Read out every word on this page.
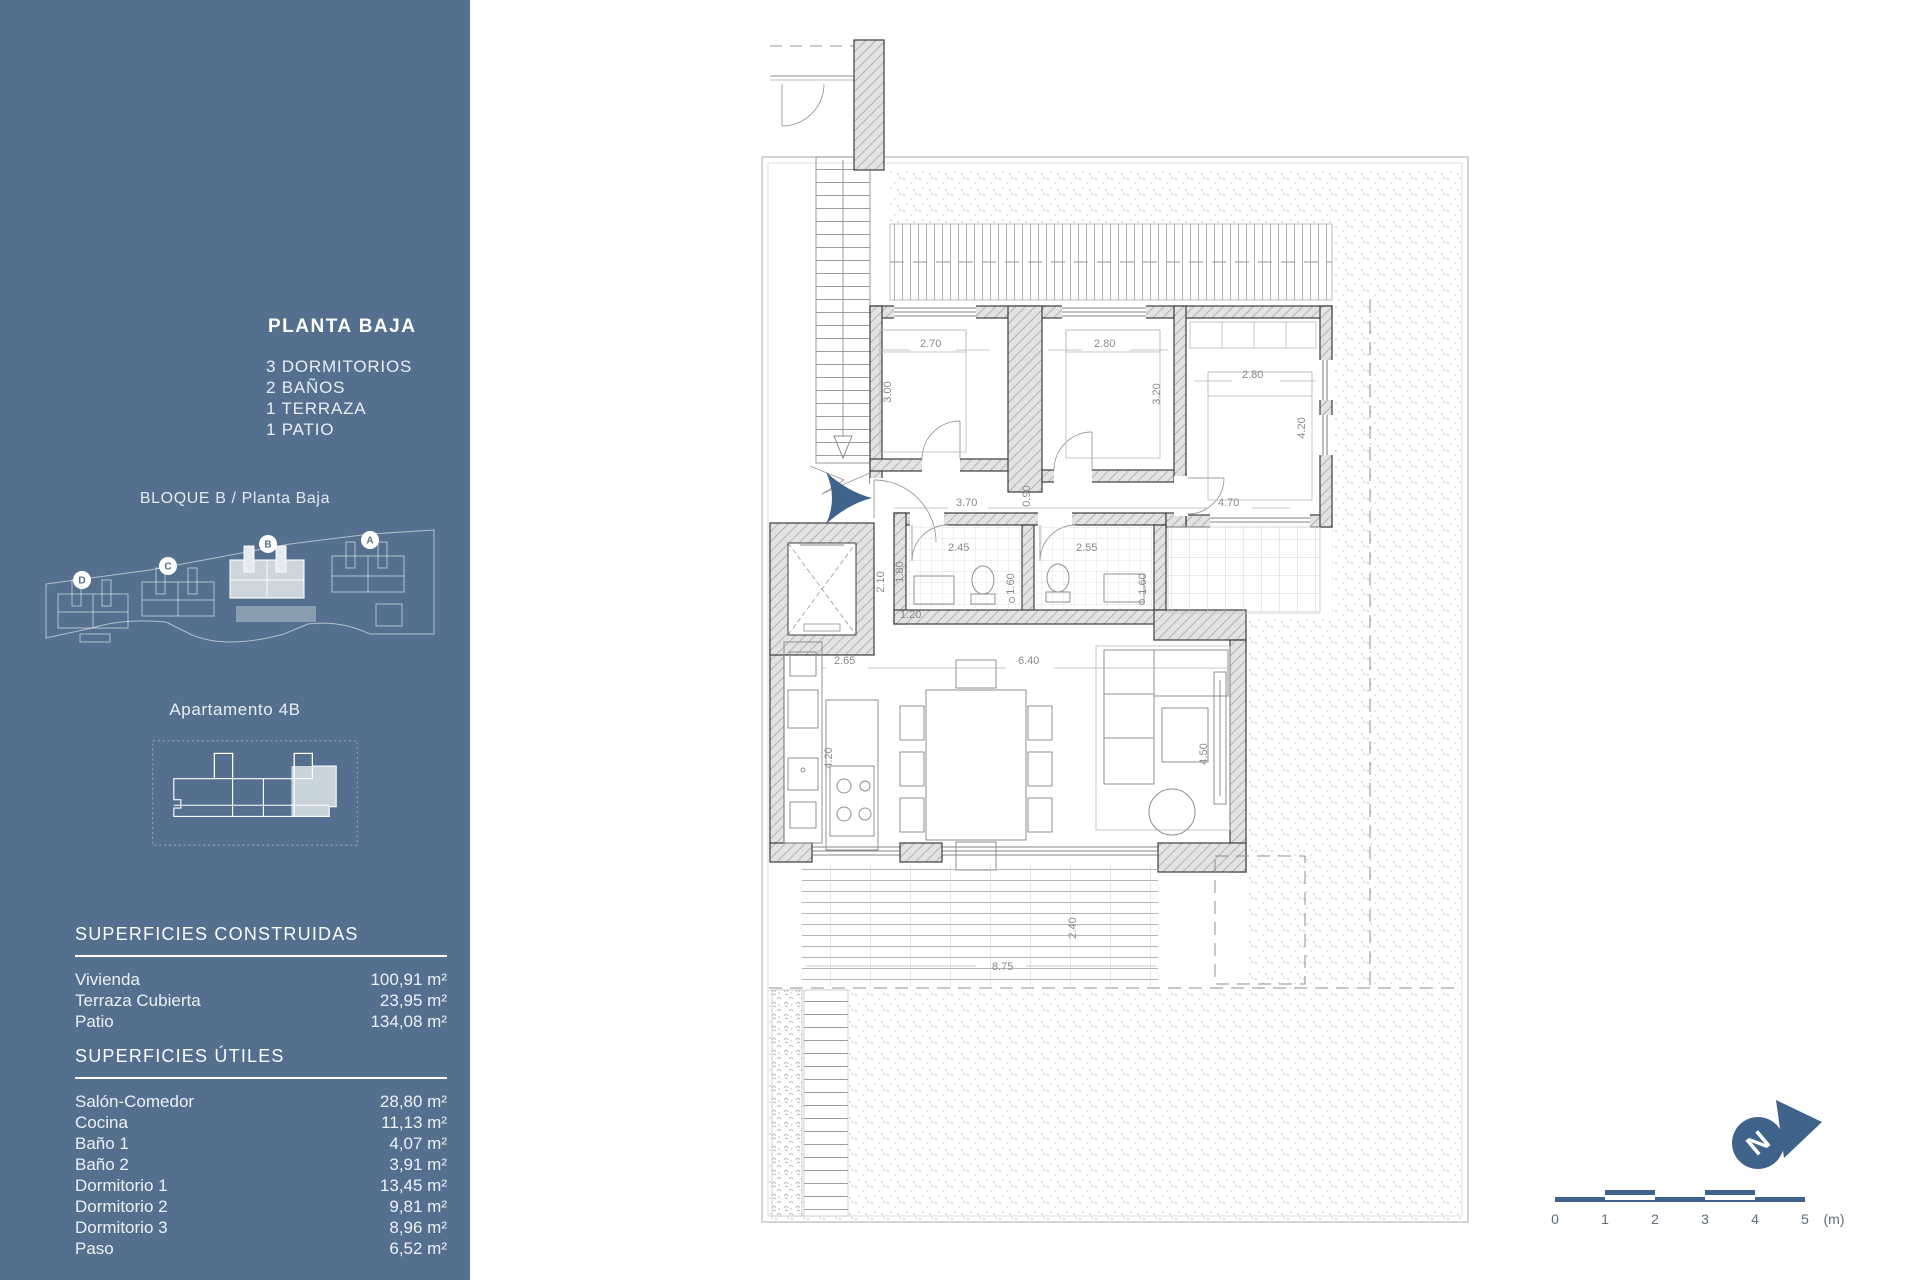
PLANTA BAJA
3 DORMITORIOS
2 BAÑOS
1 TERRAZA
1 PATIO
BLOQUE B / Planta Baja
D
C
B	A
Apartamento 4B
SUPERFICIES CONSTRUIDAS
Vivienda	100,91 m²
Terraza Cubierta	23,95 m²
Patio	134,08 m²
SUPERFICIES ÚTILES
Salón-Comedor	28,80 m²
Cocina	11,13 m²
Baño 1	4,07 m²
Baño 2	3,91 m²
Dormitorio 1	13,45 m²
Dormitorio 2	9,81 m²
Dormitorio 3	8,96 m²
Paso	6,52 m²
2.70
3.00
2.80
3.20
2.80
4.20
3.70	0.90	4.70
2.45
1.80
1.60
2.55
1.60
2.10
1.20
2.65	6.40
4.20	4.50
8.75
2.40
N
0	1	2	3	4	5 (m)
